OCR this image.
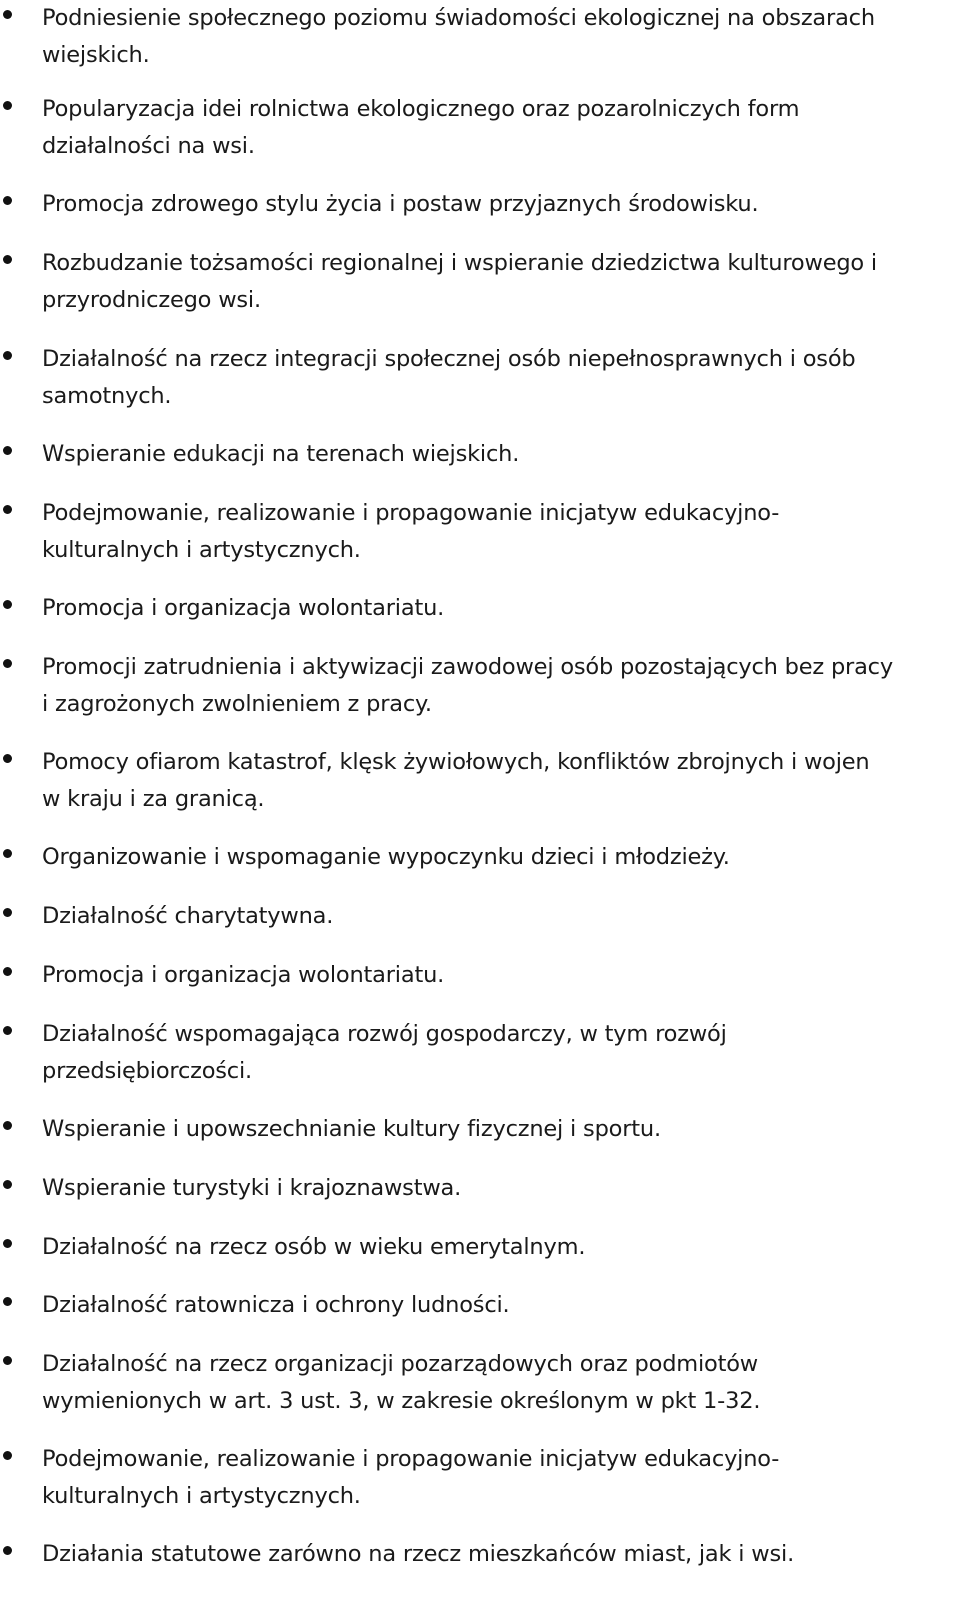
Podniesienie społecznego poziomu świadomości ekologicznej na obszarach
wiejskich.
Popularyzacja idei rolnictwa ekologicznego oraz pozarolniczych form
działalności na wsi.
Promocja zdrowego stylu życia i postaw przyjaznych środowisku.
Rozbudzanie tożsamości regionalnej i wspieranie dziedzictwa kulturowego i
przyrodniczego wsi.
Działalność na rzecz integracji społecznej osób niepełnosprawnych i osób
samotnych.
Wspieranie edukacji na terenach wiejskich.
Podejmowanie, realizowanie i propagowanie inicjatyw edukacyjno-
kulturalnych i artystycznych.
Promocja i organizacja wolontariatu.
Promocji zatrudnienia i aktywizacji zawodowej osób pozostających bez pracy
i zagrożonych zwolnieniem z pracy.
Pomocy ofiarom katastrof, klęsk żywiołowych, konfliktów zbrojnych i wojen
w kraju i za granicą.
Organizowanie i wspomaganie wypoczynku dzieci i młodzieży.
Działalność charytatywna.
Promocja i organizacja wolontariatu.
Działalność wspomagająca rozwój gospodarczy, w tym rozwój
przedsiębiorczości.
Wspieranie i upowszechnianie kultury fizycznej i sportu.
Wspieranie turystyki i krajoznawstwa.
Działalność na rzecz osób w wieku emerytalnym.
Działalność ratownicza i ochrony ludności.
Działalność na rzecz organizacji pozarządowych oraz podmiotów
wymienionych w art. 3 ust. 3, w zakresie określonym w pkt 1-32.
Podejmowanie, realizowanie i propagowanie inicjatyw edukacyjno-
kulturalnych i artystycznych.
Działania statutowe zarówno na rzecz mieszkańców miast, jak i wsi.
